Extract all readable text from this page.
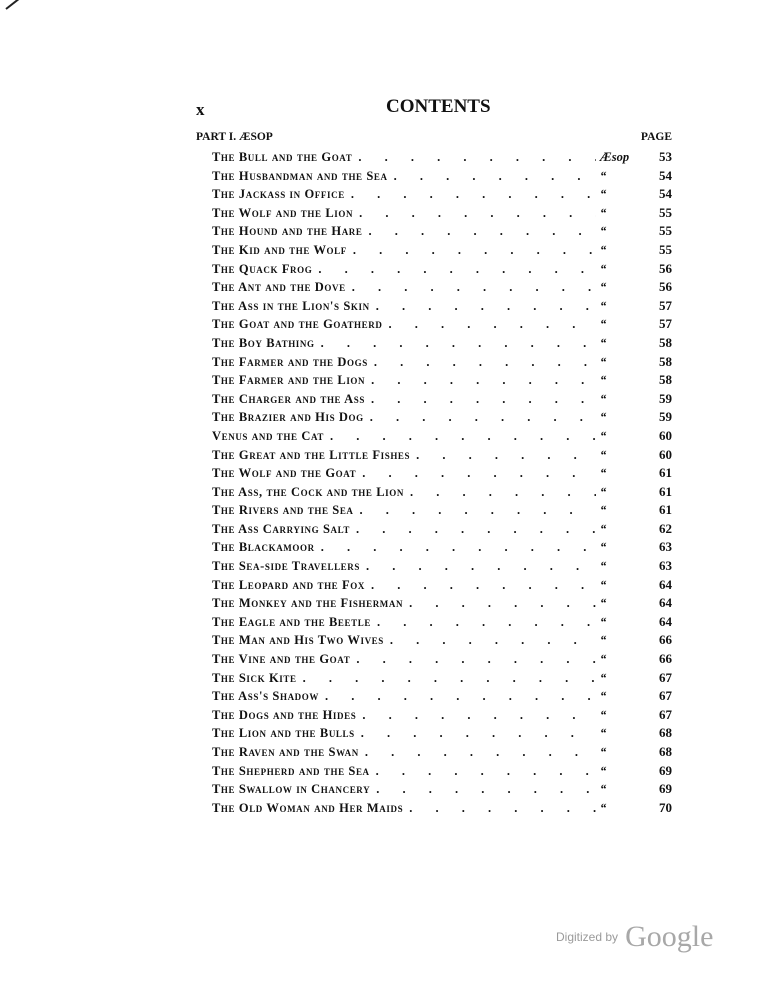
x	CONTENTS
PART I. ÆSOP	PAGE
The Bull and the Goat . . .	Æsop	53
The Husbandman and the Sea . . .	“	54
The Jackass in Office . . .	“	54
The Wolf and the Lion . . .	“	55
The Hound and the Hare . . .	“	55
The Kid and the Wolf . . .	“	55
The Quack Frog . . .	“	56
The Ant and the Dove . . .	“	56
The Ass in the Lion's Skin . . .	“	57
The Goat and the Goatherd . . .	“	57
The Boy Bathing . . .	“	58
The Farmer and the Dogs . . .	“	58
The Farmer and the Lion . . .	“	58
The Charger and the Ass . . .	“	59
The Brazier and His Dog . . .	“	59
Venus and the Cat . . .	“	60
The Great and the Little Fishes . . .	“	60
The Wolf and the Goat . . .	“	61
The Ass, the Cock and the Lion . . .	“	61
The Rivers and the Sea . . .	“	61
The Ass Carrying Salt . . .	“	62
The Blackamoor . . .	“	63
The Sea-side Travellers . . .	“	63
The Leopard and the Fox . . .	“	64
The Monkey and the Fisherman . . .	“	64
The Eagle and the Beetle . . .	“	64
The Man and His Two Wives . . .	“	66
The Vine and the Goat . . .	“	66
The Sick Kite . . .	“	67
The Ass's Shadow . . .	“	67
The Dogs and the Hides . . .	“	67
The Lion and the Bulls . . .	“	68
The Raven and the Swan . . .	“	68
The Shepherd and the Sea . . .	“	69
The Swallow in Chancery . . .	“	69
The Old Woman and Her Maids . . .	“	70
Digitized by Google
